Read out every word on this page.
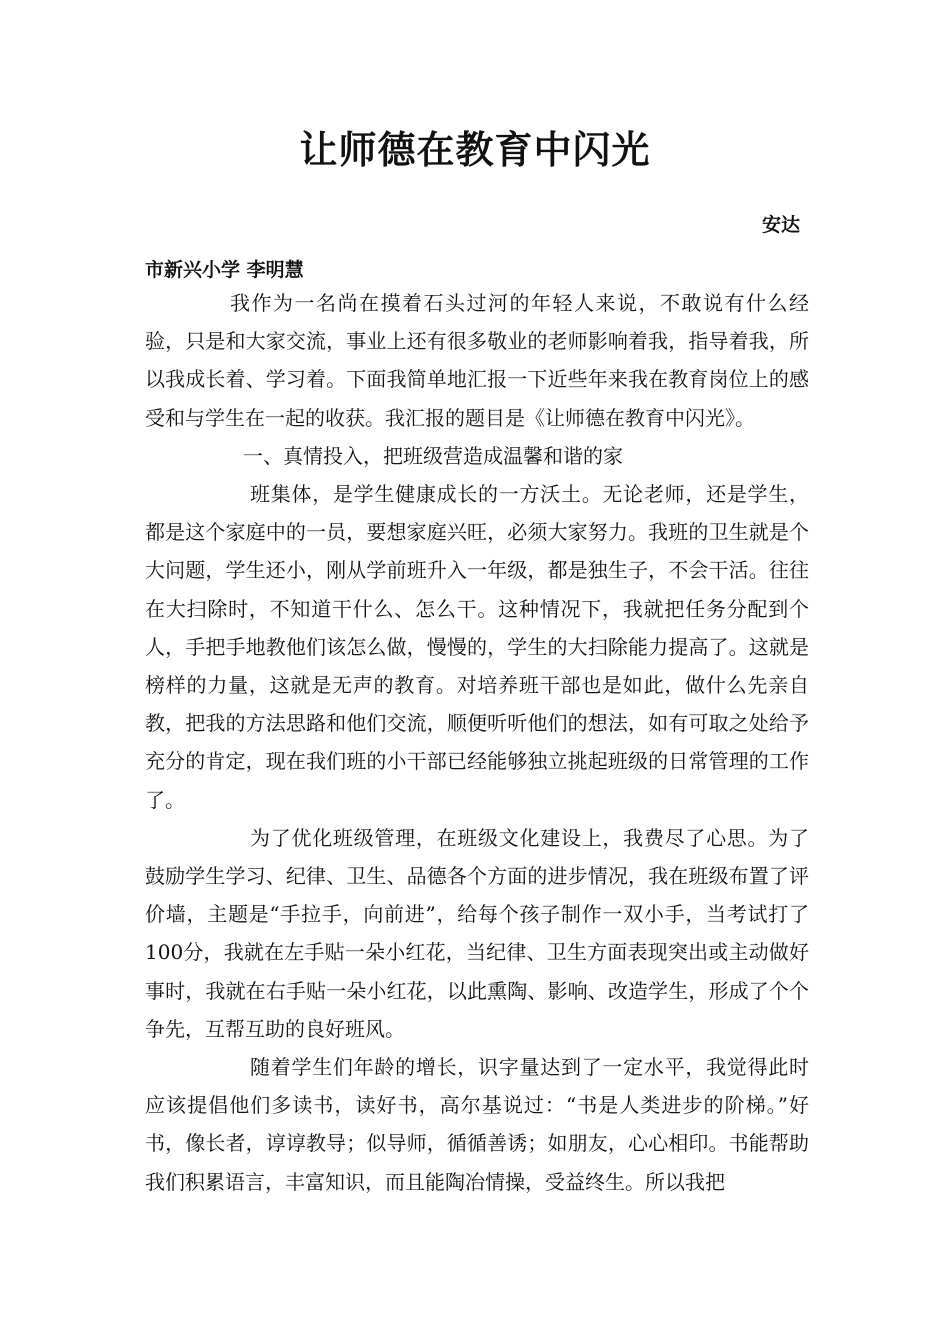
让师德在教育中闪光
安达
市新兴小学 李明慧

我作为一名尚在摸着石头过河的年轻人来说，不敢说有什么经验，只是和大家交流，事业上还有很多敬业的老师影响着我，指导着我，所以我成长着、学习着。下面我简单地汇报一下近些年来我在教育岗位上的感受和与学生在一起的收获。我汇报的题目是《让师德在教育中闪光》。

一、真情投入，把班级营造成温馨和谐的家

班集体，是学生健康成长的一方沃土。无论老师，还是学生，都是这个家庭中的一员，要想家庭兴旺，必须大家努力。我班的卫生就是个大问题，学生还小，刚从学前班升入一年级，都是独生子，不会干活。往往在大扫除时，不知道干什么、怎么干。这种情况下，我就把任务分配到个人，手把手地教他们该怎么做，慢慢的，学生的大扫除能力提高了。这就是榜样的力量，这就是无声的教育。对培养班干部也是如此，做什么先亲自教，把我的方法思路和他们交流，顺便听听他们的想法，如有可取之处给予充分的肯定，现在我们班的小干部已经能够独立挑起班级的日常管理的工作了。

为了优化班级管理，在班级文化建设上，我费尽了心思。为了鼓励学生学习、纪律、卫生、品德各个方面的进步情况，我在班级布置了评价墙，主题是“手拉手，向前进”，给每个孩子制作一双小手，当考试打了100分，我就在左手贴一朵小红花，当纪律、卫生方面表现突出或主动做好事时，我就在右手贴一朵小红花，以此熏陶、影响、改造学生，形成了个个争先，互帮互助的良好班风。

随着学生们年龄的增长，识字量达到了一定水平，我觉得此时应该提倡他们多读书，读好书，高尔基说过：“书是人类进步的阶梯。”好书，像长者，谆谆教导；似导师，循循善诱；如朋友，心心相印。书能帮助我们积累语言，丰富知识，而且能陶冶情操，受益终生。所以我把
